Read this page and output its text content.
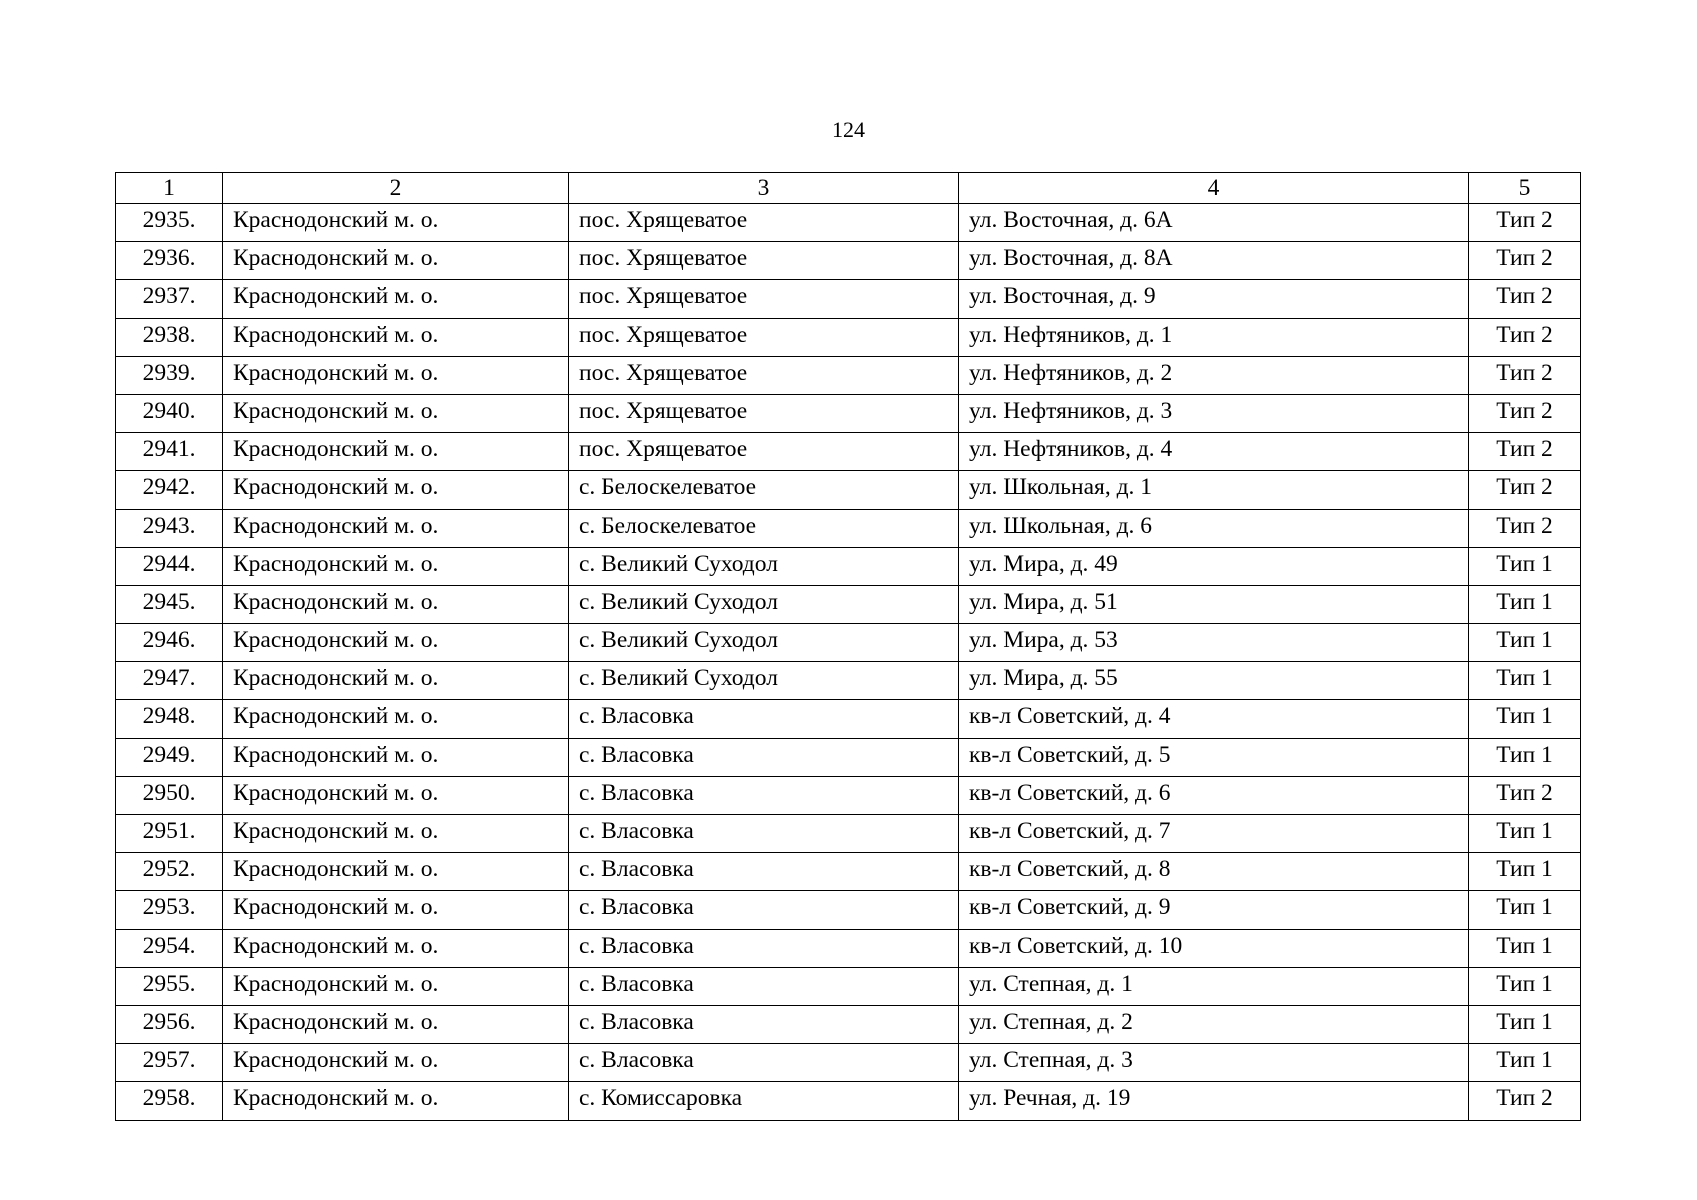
124
1	2	3	4	5
2935.	Краснодонский м. о.	пос. Хрящеватое	ул. Восточная, д. 6А	Тип 2
2936.	Краснодонский м. о.	пос. Хрящеватое	ул. Восточная, д. 8А	Тип 2
2937.	Краснодонский м. о.	пос. Хрящеватое	ул. Восточная, д. 9	Тип 2
2938.	Краснодонский м. о.	пос. Хрящеватое	ул. Нефтяников, д. 1	Тип 2
2939.	Краснодонский м. о.	пос. Хрящеватое	ул. Нефтяников, д. 2	Тип 2
2940.	Краснодонский м. о.	пос. Хрящеватое	ул. Нефтяников, д. 3	Тип 2
2941.	Краснодонский м. о.	пос. Хрящеватое	ул. Нефтяников, д. 4	Тип 2
2942.	Краснодонский м. о.	с. Белоскелеватое	ул. Школьная, д. 1	Тип 2
2943.	Краснодонский м. о.	с. Белоскелеватое	ул. Школьная, д. 6	Тип 2
2944.	Краснодонский м. о.	с. Великий Суходол	ул. Мира, д. 49	Тип 1
2945.	Краснодонский м. о.	с. Великий Суходол	ул. Мира, д. 51	Тип 1
2946.	Краснодонский м. о.	с. Великий Суходол	ул. Мира, д. 53	Тип 1
2947.	Краснодонский м. о.	с. Великий Суходол	ул. Мира, д. 55	Тип 1
2948.	Краснодонский м. о.	с. Власовка	кв-л Советский, д. 4	Тип 1
2949.	Краснодонский м. о.	с. Власовка	кв-л Советский, д. 5	Тип 1
2950.	Краснодонский м. о.	с. Власовка	кв-л Советский, д. 6	Тип 2
2951.	Краснодонский м. о.	с. Власовка	кв-л Советский, д. 7	Тип 1
2952.	Краснодонский м. о.	с. Власовка	кв-л Советский, д. 8	Тип 1
2953.	Краснодонский м. о.	с. Власовка	кв-л Советский, д. 9	Тип 1
2954.	Краснодонский м. о.	с. Власовка	кв-л Советский, д. 10	Тип 1
2955.	Краснодонский м. о.	с. Власовка	ул. Степная, д. 1	Тип 1
2956.	Краснодонский м. о.	с. Власовка	ул. Степная, д. 2	Тип 1
2957.	Краснодонский м. о.	с. Власовка	ул. Степная, д. 3	Тип 1
2958.	Краснодонский м. о.	с. Комиссаровка	ул. Речная, д. 19	Тип 2
